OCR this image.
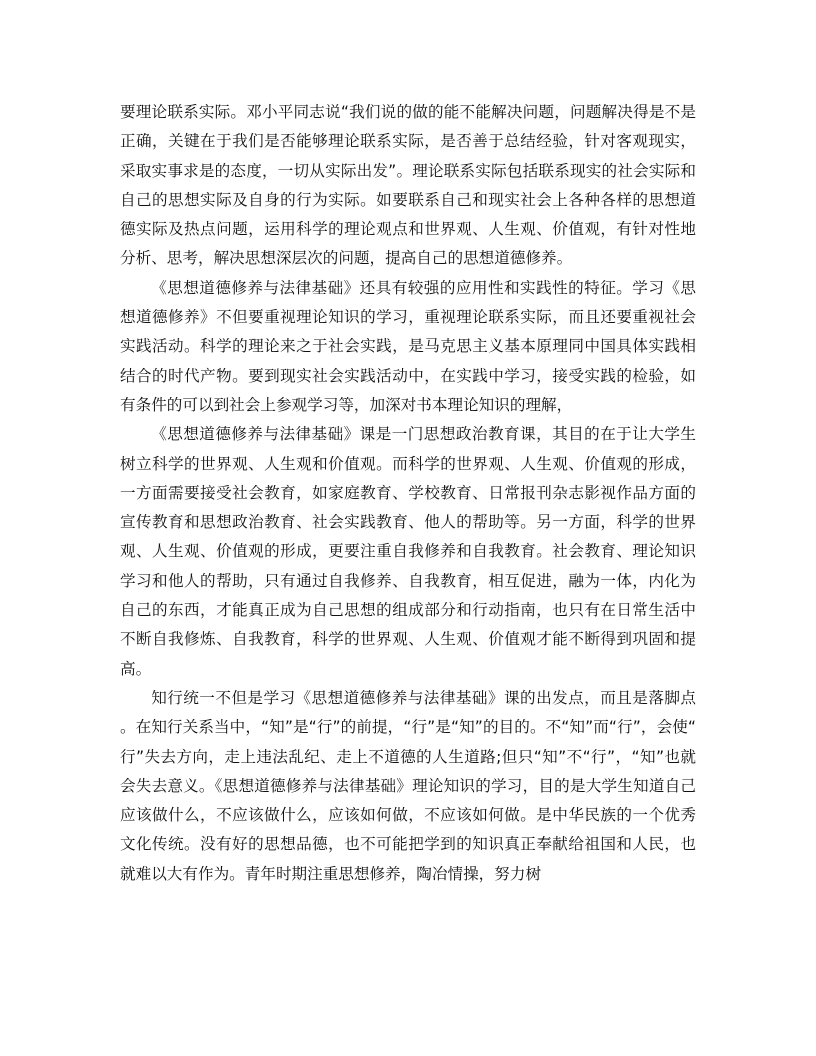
要理论联系实际。邓小平同志说“我们说的做的能不能解决问题，问题解决得是不是正确，关键在于我们是否能够理论联系实际，是否善于总结经验，针对客观现实，采取实事求是的态度，一切从实际出发”。理论联系实际包括联系现实的社会实际和自己的思想实际及自身的行为实际。如要联系自己和现实社会上各种各样的思想道德实际及热点问题，运用科学的理论观点和世界观、人生观、价值观，有针对性地分析、思考，解决思想深层次的问题，提高自己的思想道德修养。

《思想道德修养与法律基础》还具有较强的应用性和实践性的特征。学习《思想道德修养》不但要重视理论知识的学习，重视理论联系实际，而且还要重视社会实践活动。科学的理论来之于社会实践，是马克思主义基本原理同中国具体实践相结合的时代产物。要到现实社会实践活动中，在实践中学习，接受实践的检验，如有条件的可以到社会上参观学习等，加深对书本理论知识的理解，

《思想道德修养与法律基础》课是一门思想政治教育课，其目的在于让大学生树立科学的世界观、人生观和价值观。而科学的世界观、人生观、价值观的形成，一方面需要接受社会教育，如家庭教育、学校教育、日常报刊杂志影视作品方面的宣传教育和思想政治教育、社会实践教育、他人的帮助等。另一方面，科学的世界观、人生观、价值观的形成，更要注重自我修养和自我教育。社会教育、理论知识学习和他人的帮助，只有通过自我修养、自我教育，相互促进，融为一体，内化为自己的东西，才能真正成为自己思想的组成部分和行动指南，也只有在日常生活中不断自我修炼、自我教育，科学的世界观、人生观、价值观才能不断得到巩固和提高。

知行统一不但是学习《思想道德修养与法律基础》课的出发点，而且是落脚点。在知行关系当中，“知”是“行”的前提，“行”是“知”的目的。不“知”而“行”，会使“行”失去方向，走上违法乱纪、走上不道德的人生道路;但只“知”不“行”，“知”也就会失去意义。《思想道德修养与法律基础》理论知识的学习，目的是大学生知道自己应该做什么，不应该做什么，应该如何做，不应该如何做。是中华民族的一个优秀文化传统。没有好的思想品德，也不可能把学到的知识真正奉献给祖国和人民，也就难以大有作为。青年时期注重思想修养，陶冶情操，努力树
